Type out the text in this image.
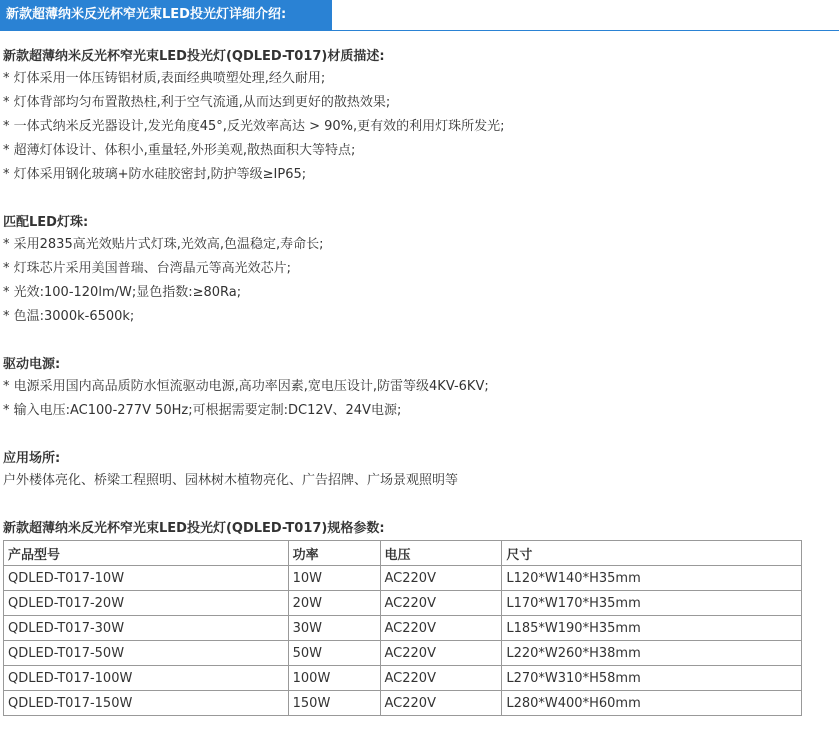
新款超薄纳米反光杯窄光束LED投光灯详细介绍:
新款超薄纳米反光杯窄光束LED投光灯(QDLED-T017)材质描述:
* 灯体采用一体压铸铝材质,表面经典喷塑处理,经久耐用;
* 灯体背部均匀布置散热柱,利于空气流通,从而达到更好的散热效果;
* 一体式纳米反光器设计,发光角度45°,反光效率高达 > 90%,更有效的利用灯珠所发光;
* 超薄灯体设计、体积小,重量轻,外形美观,散热面积大等特点;
* 灯体采用钢化玻璃+防水硅胶密封,防护等级≥IP65;
匹配LED灯珠:
* 采用2835高光效贴片式灯珠,光效高,色温稳定,寿命长;
* 灯珠芯片采用美国普瑞、台湾晶元等高光效芯片;
* 光效:100-120lm/W;显色指数:≥80Ra;
* 色温:3000k-6500k;
驱动电源:
* 电源采用国内高品质防水恒流驱动电源,高功率因素,宽电压设计,防雷等级4KV-6KV;
* 输入电压:AC100-277V 50Hz;可根据需要定制:DC12V、24V电源;
应用场所:
户外楼体亮化、桥梁工程照明、园林树木植物亮化、广告招牌、广场景观照明等
新款超薄纳米反光杯窄光束LED投光灯(QDLED-T017)规格参数:
产品型号	功率	电压	尺寸
QDLED-T017-10W	10W	AC220V	L120*W140*H35mm
QDLED-T017-20W	20W	AC220V	L170*W170*H35mm
QDLED-T017-30W	30W	AC220V	L185*W190*H35mm
QDLED-T017-50W	50W	AC220V	L220*W260*H38mm
QDLED-T017-100W	100W	AC220V	L270*W310*H58mm
QDLED-T017-150W	150W	AC220V	L280*W400*H60mm
